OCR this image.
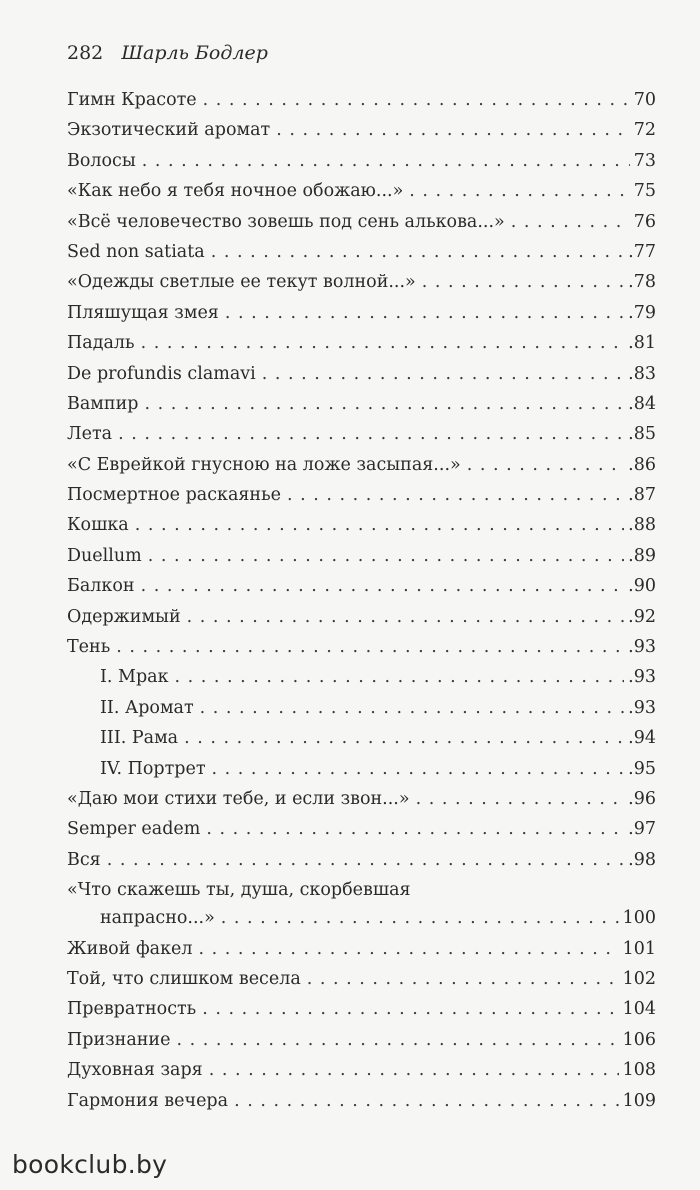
282 Шарль Бодлер
Гимн Красоте . . .	70
Экзотический аромат . . .	72
Волосы . . .	73
«Как небо я тебя ночное обожаю...» . . .	75
«Всё человечество зовешь под сень алькова...» . . .	76
Sed non satiata . . .	.77
«Одежды светлые ее текут волной...» . . .	.78
Пляшущая змея . . .	.79
Падаль . . .	.81
De profundis clamavi . . .	.83
Вампир . . .	.84
Лета . . .	.85
«С Еврейкой гнусною на ложе засыпая...» . . .	.86
Посмертное раскаянье . . .	.87
Кошка . . .	.88
Duellum . . .	.89
Балкон . . .	.90
Одержимый . . .	.92
Тень . . .	.93
I. Мрак . . .	.93
II. Аромат . . .	.93
III. Рама . . .	.94
IV. Портрет . . .	.95
«Даю мои стихи тебе, и если звон...» . . .	.96
Semper eadem . . .	.97
Вся . . .	.98
«Что скажешь ты, душа, скорбевшая
напрасно...» . . .	100
Живой факел . . .	101
Той, что слишком весела . . .	102
Превратность . . .	104
Признание . . .	106
Духовная заря . . .	108
Гармония вечера . . .	109
bookclub.by
